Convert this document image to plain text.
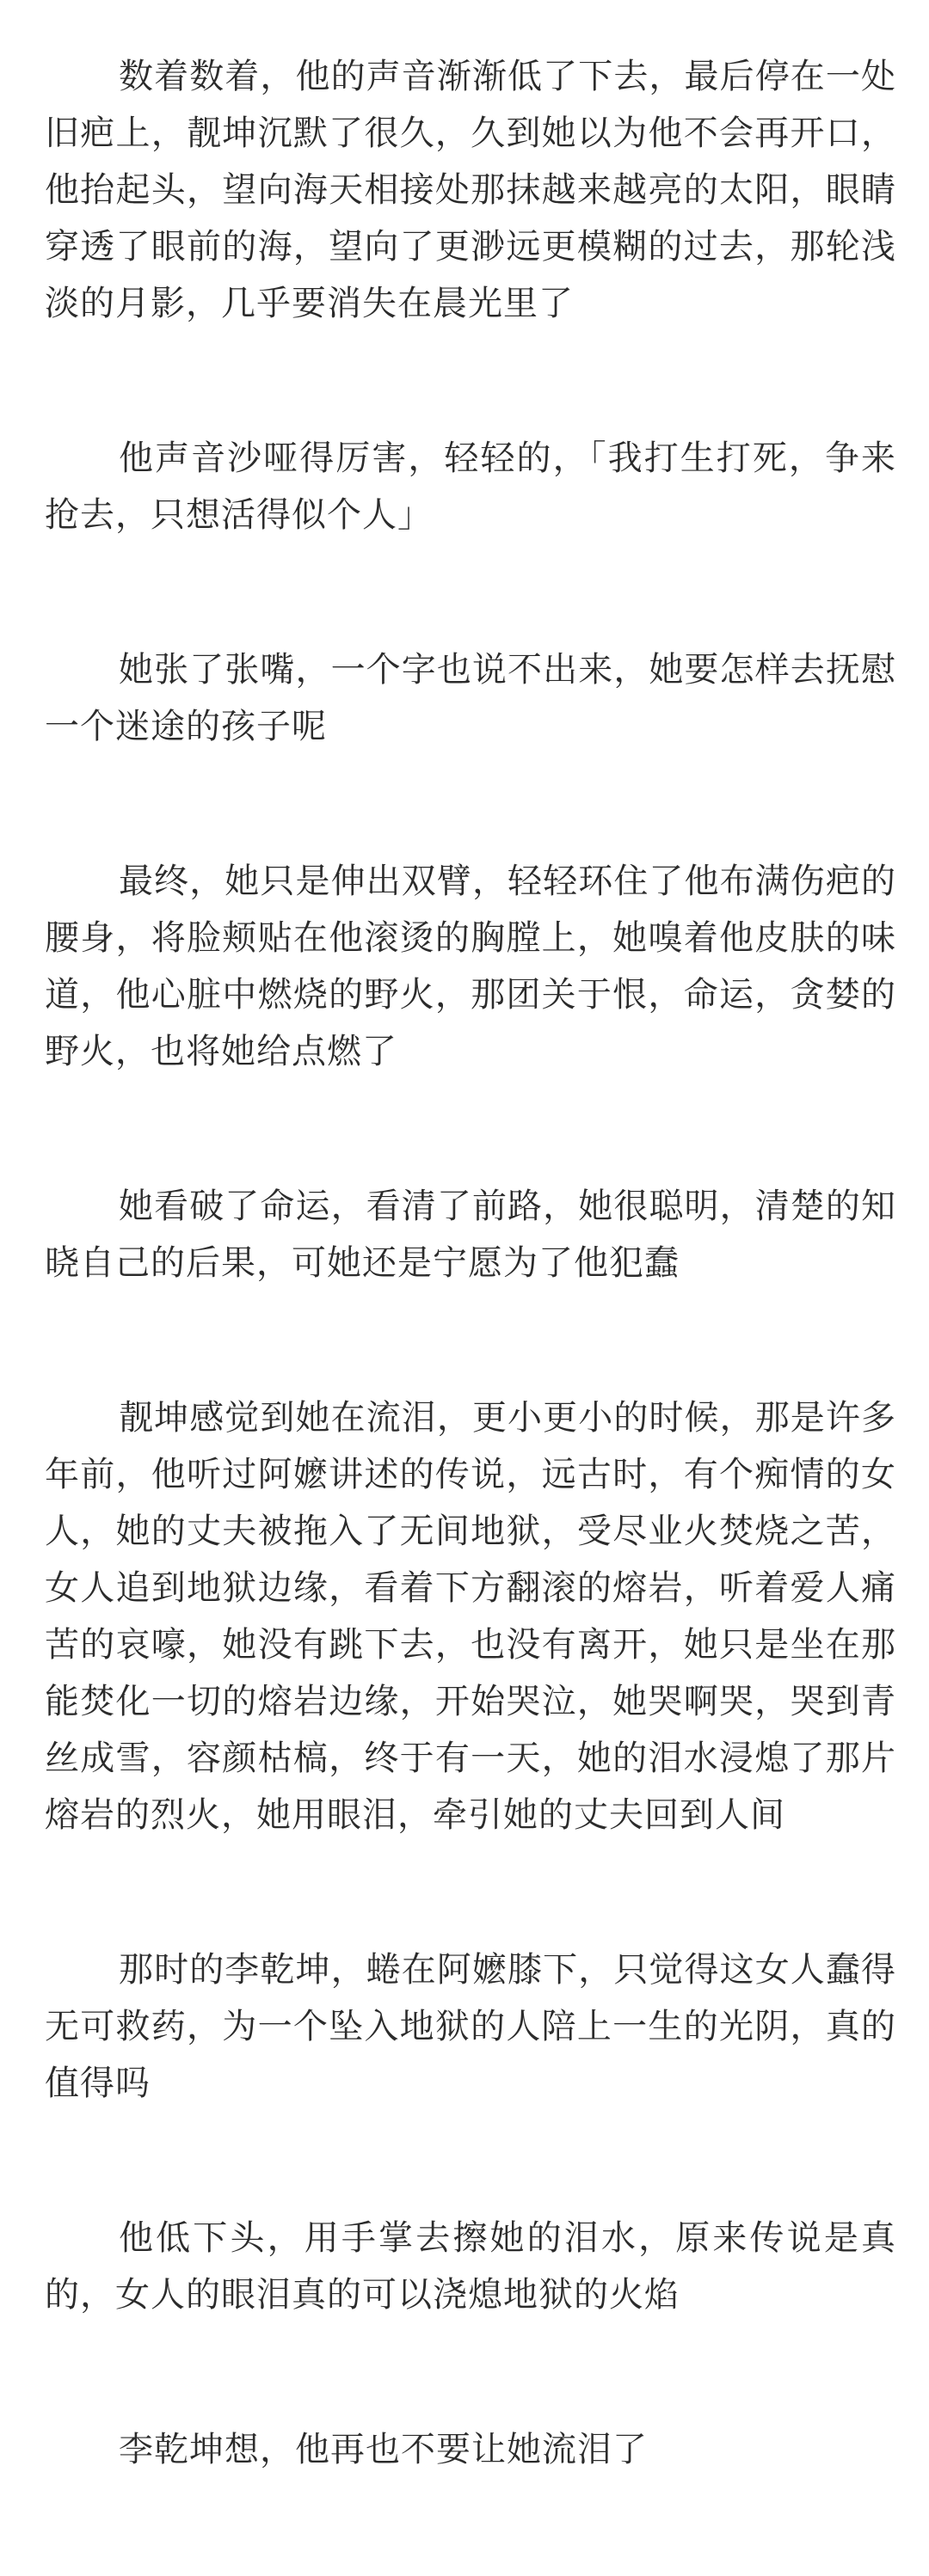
数着数着，他的声音渐渐低了下去，最后停在一处旧疤上，靓坤沉默了很久，久到她以为他不会再开口，他抬起头，望向海天相接处那抹越来越亮的太阳，眼睛穿透了眼前的海，望向了更渺远更模糊的过去，那轮浅淡的月影，几乎要消失在晨光里了

他声音沙哑得厉害，轻轻的，「我打生打死，争来抢去，只想活得似个人」

她张了张嘴，一个字也说不出来，她要怎样去抚慰一个迷途的孩子呢

最终，她只是伸出双臂，轻轻环住了他布满伤疤的腰身，将脸颊贴在他滚烫的胸膛上，她嗅着他皮肤的味道，他心脏中燃烧的野火，那团关于恨，命运，贪婪的野火，也将她给点燃了

她看破了命运，看清了前路，她很聪明，清楚的知晓自己的后果，可她还是宁愿为了他犯蠢

靓坤感觉到她在流泪，更小更小的时候，那是许多年前，他听过阿嬷讲述的传说，远古时，有个痴情的女人，她的丈夫被拖入了无间地狱，受尽业火焚烧之苦，女人追到地狱边缘，看着下方翻滚的熔岩，听着爱人痛苦的哀嚎，她没有跳下去，也没有离开，她只是坐在那能焚化一切的熔岩边缘，开始哭泣，她哭啊哭，哭到青丝成雪，容颜枯槁，终于有一天，她的泪水浸熄了那片熔岩的烈火，她用眼泪，牵引她的丈夫回到人间

那时的李乾坤，蜷在阿嬷膝下，只觉得这女人蠢得无可救药，为一个坠入地狱的人陪上一生的光阴，真的值得吗

他低下头，用手掌去擦她的泪水，原来传说是真的，女人的眼泪真的可以浇熄地狱的火焰

李乾坤想，他再也不要让她流泪了
